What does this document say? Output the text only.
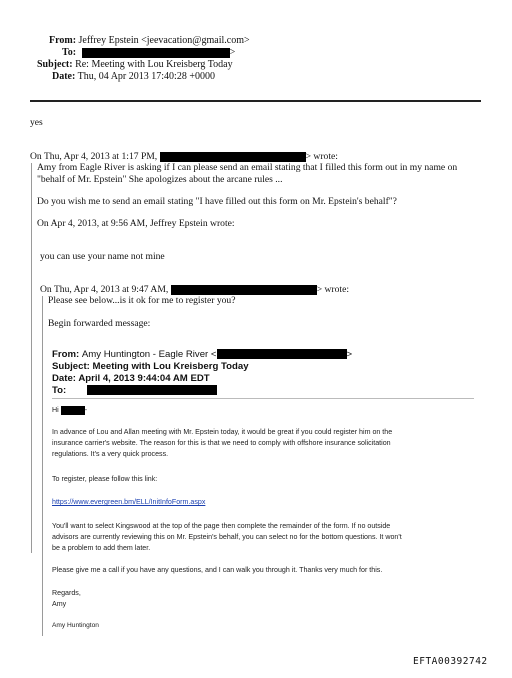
From: Jeffrey Epstein <jeevacation@gmail.com>
To:	>
Subject: Re: Meeting with Lou Kreisberg Today
Date: Thu, 04 Apr 2013 17:40:28 +0000
yes
On Thu, Apr 4, 2013 at 1:17 PM,	> wrote:
Amy from Eagle River is asking if I can please send an email stating that I filled this form out in my name on
"behalf of Mr. Epstein" She apologizes about the arcane rules ...
Do you wish me to send an email stating "I have filled out this form on Mr. Epstein's behalf"?
On Apr 4, 2013, at 9:56 AM, Jeffrey Epstein wrote:
you can use your name not mine
On Thu, Apr 4, 2013 at 9:47 AM,	> wrote:
Please see below...is it ok for me to register you?
Begin forwarded message:
From: Amy Huntington - Eagle River <	>
Subject: Meeting with Lou Kreisberg Today
Date: April 4, 2013 9:44:04 AM EDT
To:
Hi	-
In advance of Lou and Allan meeting with Mr. Epstein today, it would be great if you could register him on the
insurance carrier's website. The reason for this is that we need to comply with offshore insurance solicitation
regulations. It's a very quick process.
To register, please follow this link:
https://www.evergreen.bm/ELL/InitInfoForm.aspx
You'll want to select Kingswood at the top of the page then complete the remainder of the form. If no outside
advisors are currently reviewing this on Mr. Epstein's behalf, you can select no for the bottom questions. It won't
be a problem to add them later.
Please give me a call if you have any questions, and I can walk you through it. Thanks very much for this.
Regards,
Amy
Amy Huntington
EFTA00392742
